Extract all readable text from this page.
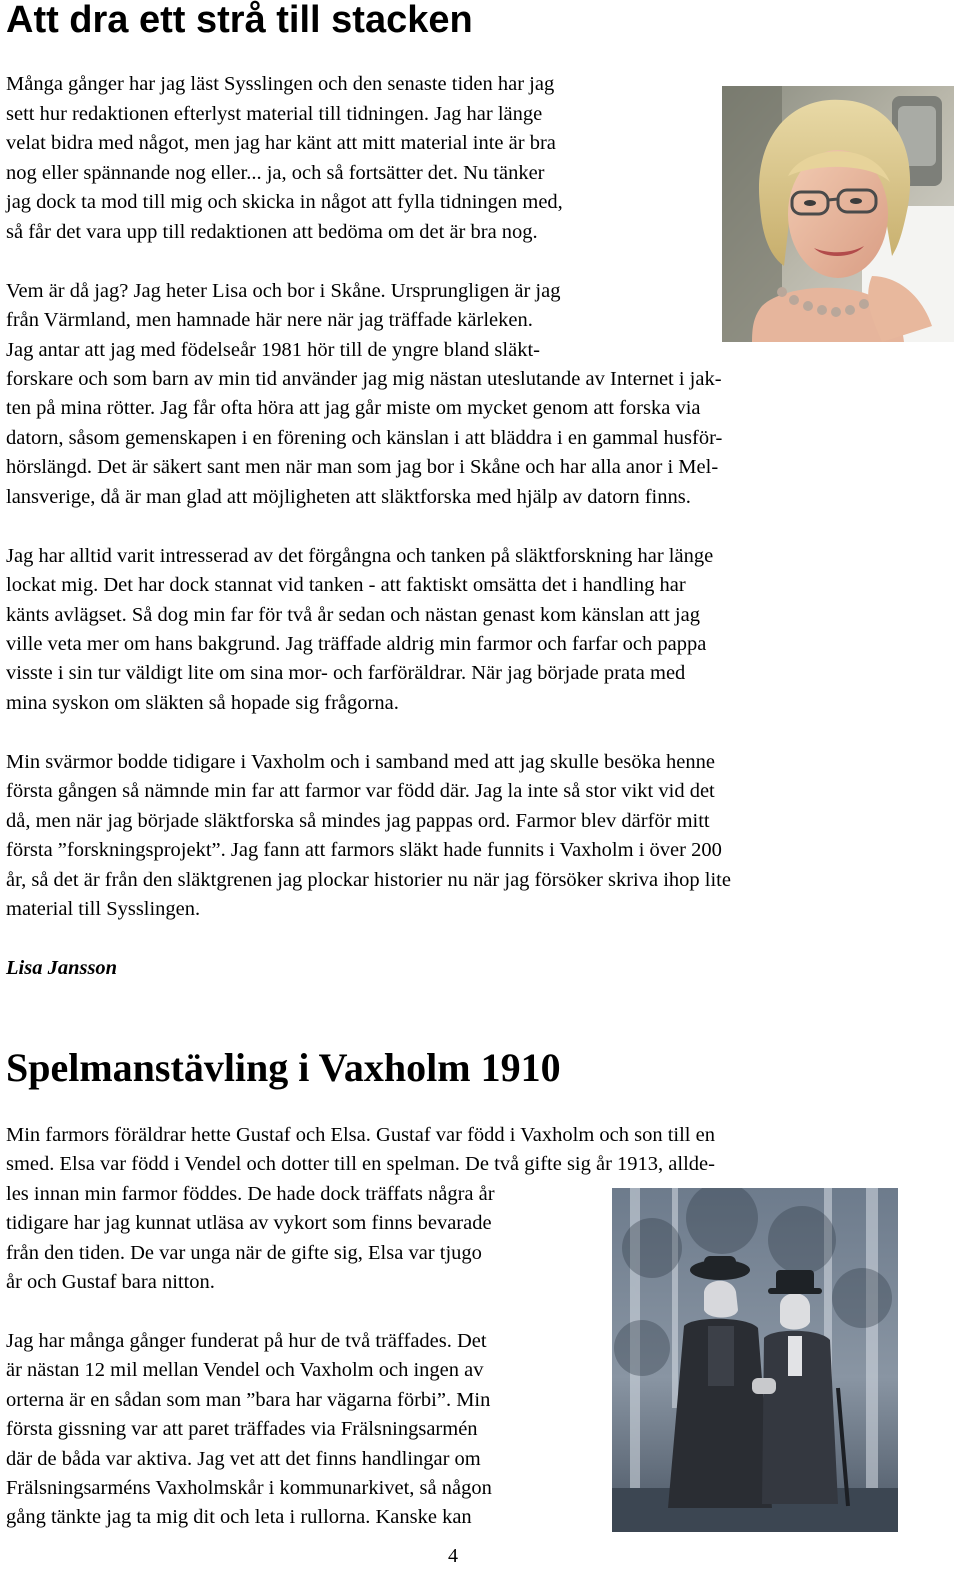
Att dra ett strå till stacken
Många gånger har jag läst Sysslingen och den senaste tiden har jag
sett hur redaktionen efterlyst material till tidningen. Jag har länge
velat bidra med något, men jag har känt att mitt material inte är bra
nog eller spännande nog eller... ja, och så fortsätter det. Nu tänker
jag dock ta mod till mig och skicka in något att fylla tidningen med,
så får det vara upp till redaktionen att bedöma om det är bra nog.
Vem är då jag? Jag heter Lisa och bor i Skåne. Ursprungligen är jag
från Värmland, men hamnade här nere när jag träffade kärleken.
Jag antar att jag med födelseår 1981 hör till de yngre bland släkt-
forskare och som barn av min tid använder jag mig nästan uteslutande av Internet i jak-
ten på mina rötter. Jag får ofta höra att jag går miste om mycket genom att forska via
datorn, såsom gemenskapen i en förening och känslan i att bläddra i en gammal husför-
hörslängd. Det är säkert sant men när man som jag bor i Skåne och har alla anor i Mel-
lansverige, då är man glad att möjligheten att släktforska med hjälp av datorn finns.
Jag har alltid varit intresserad av det förgångna och tanken på släktforskning har länge
lockat mig. Det har dock stannat vid tanken - att faktiskt omsätta det i handling har
känts avlägset. Så dog min far för två år sedan och nästan genast kom känslan att jag
ville veta mer om hans bakgrund. Jag träffade aldrig min farmor och farfar och pappa
visste i sin tur väldigt lite om sina mor- och farföräldrar. När jag började prata med
mina syskon om släkten så hopade sig frågorna.
Min svärmor bodde tidigare i Vaxholm och i samband med att jag skulle besöka henne
första gången så nämnde min far att farmor var född där. Jag la inte så stor vikt vid det
då, men när jag började släktforska så mindes jag pappas ord. Farmor blev därför mitt
första ”forskningsprojekt”. Jag fann att farmors släkt hade funnits i Vaxholm i över 200
år, så det är från den släktgrenen jag plockar historier nu när jag försöker skriva ihop lite
material till Sysslingen.
Lisa Jansson
Spelmanstävling i Vaxholm 1910
Min farmors föräldrar hette Gustaf och Elsa. Gustaf var född i Vaxholm och son till en
smed. Elsa var född i Vendel och dotter till en spelman. De två gifte sig år 1913, allde-
les innan min farmor föddes. De hade dock träffats några år
tidigare har jag kunnat utläsa av vykort som finns bevarade
från den tiden. De var unga när de gifte sig, Elsa var tjugo
år och Gustaf bara nitton.
Jag har många gånger funderat på hur de två träffades. Det
är nästan 12 mil mellan Vendel och Vaxholm och ingen av
orterna är en sådan som man ”bara har vägarna förbi”. Min
första gissning var att paret träffades via Frälsningsarmén
där de båda var aktiva. Jag vet att det finns handlingar om
Frälsningsarméns Vaxholmskår i kommunarkivet, så någon
gång tänkte jag ta mig dit och leta i rullorna. Kanske kan
4
